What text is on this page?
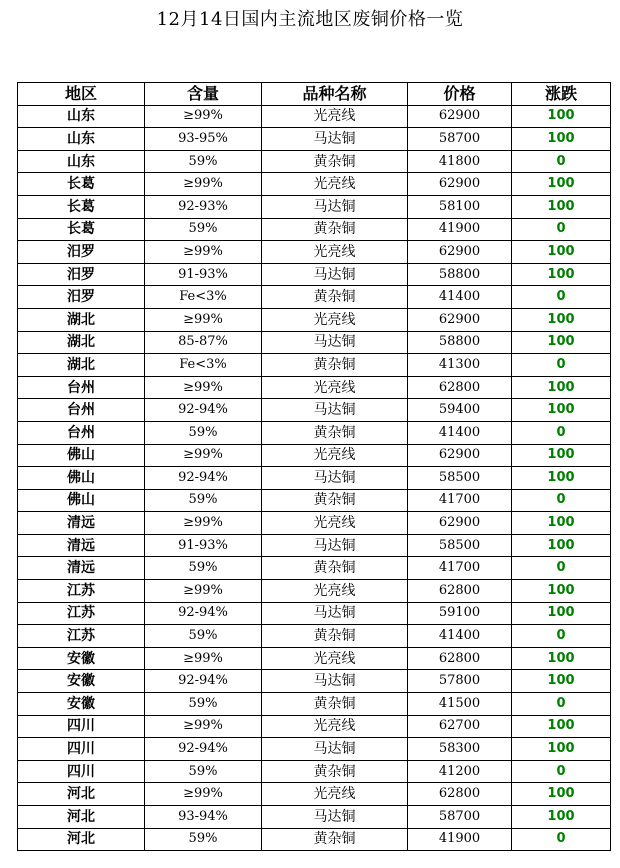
12月14日国内主流地区废铜价格一览
地区	含量	品种名称	价格	涨跌
山东	≥99%	光亮线	62900	100
山东	93-95%	马达铜	58700	100
山东	59%	黄杂铜	41800	0
长葛	≥99%	光亮线	62900	100
长葛	92-93%	马达铜	58100	100
长葛	59%	黄杂铜	41900	0
汨罗	≥99%	光亮线	62900	100
汨罗	91-93%	马达铜	58800	100
汨罗	Fe<3%	黄杂铜	41400	0
湖北	≥99%	光亮线	62900	100
湖北	85-87%	马达铜	58800	100
湖北	Fe<3%	黄杂铜	41300	0
台州	≥99%	光亮线	62800	100
台州	92-94%	马达铜	59400	100
台州	59%	黄杂铜	41400	0
佛山	≥99%	光亮线	62900	100
佛山	92-94%	马达铜	58500	100
佛山	59%	黄杂铜	41700	0
清远	≥99%	光亮线	62900	100
清远	91-93%	马达铜	58500	100
清远	59%	黄杂铜	41700	0
江苏	≥99%	光亮线	62800	100
江苏	92-94%	马达铜	59100	100
江苏	59%	黄杂铜	41400	0
安徽	≥99%	光亮线	62800	100
安徽	92-94%	马达铜	57800	100
安徽	59%	黄杂铜	41500	0
四川	≥99%	光亮线	62700	100
四川	92-94%	马达铜	58300	100
四川	59%	黄杂铜	41200	0
河北	≥99%	光亮线	62800	100
河北	93-94%	马达铜	58700	100
河北	59%	黄杂铜	41900	0
